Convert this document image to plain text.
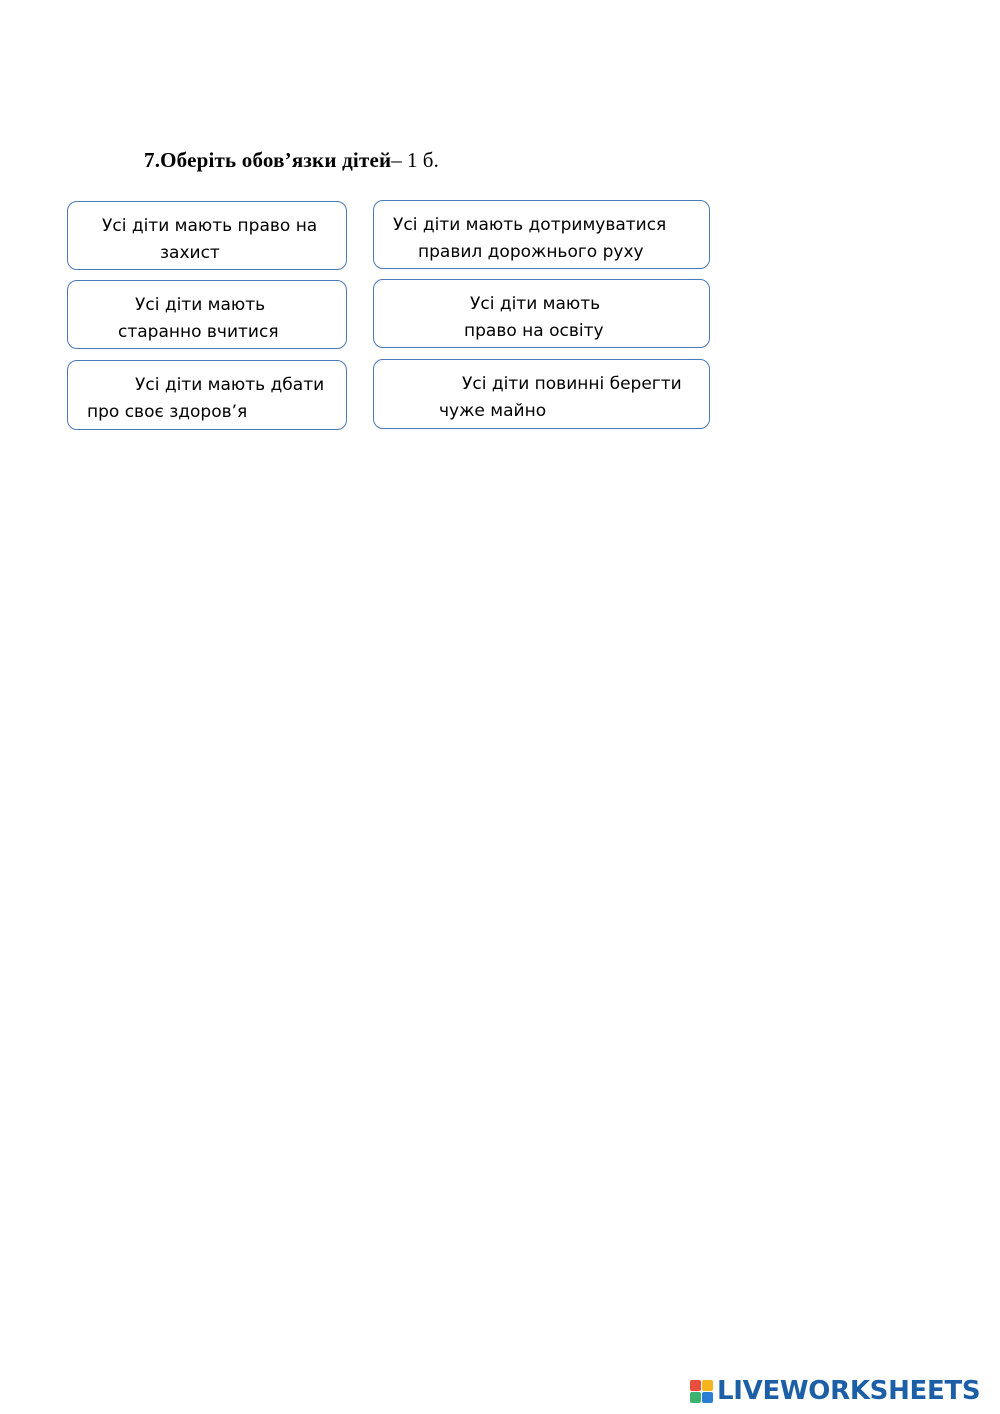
7.Оберіть обов’язки дітей– 1 б.
Усі діти мають право на
захист
Усі діти мають дотримуватися
правил дорожнього руху
Усі діти мають
старанно вчитися
Усі діти мають
право на освіту
Усі діти мають дбати
про своє здоров’я
Усі діти повинні берегти
чуже майно
LIVEWORKSHEETS
